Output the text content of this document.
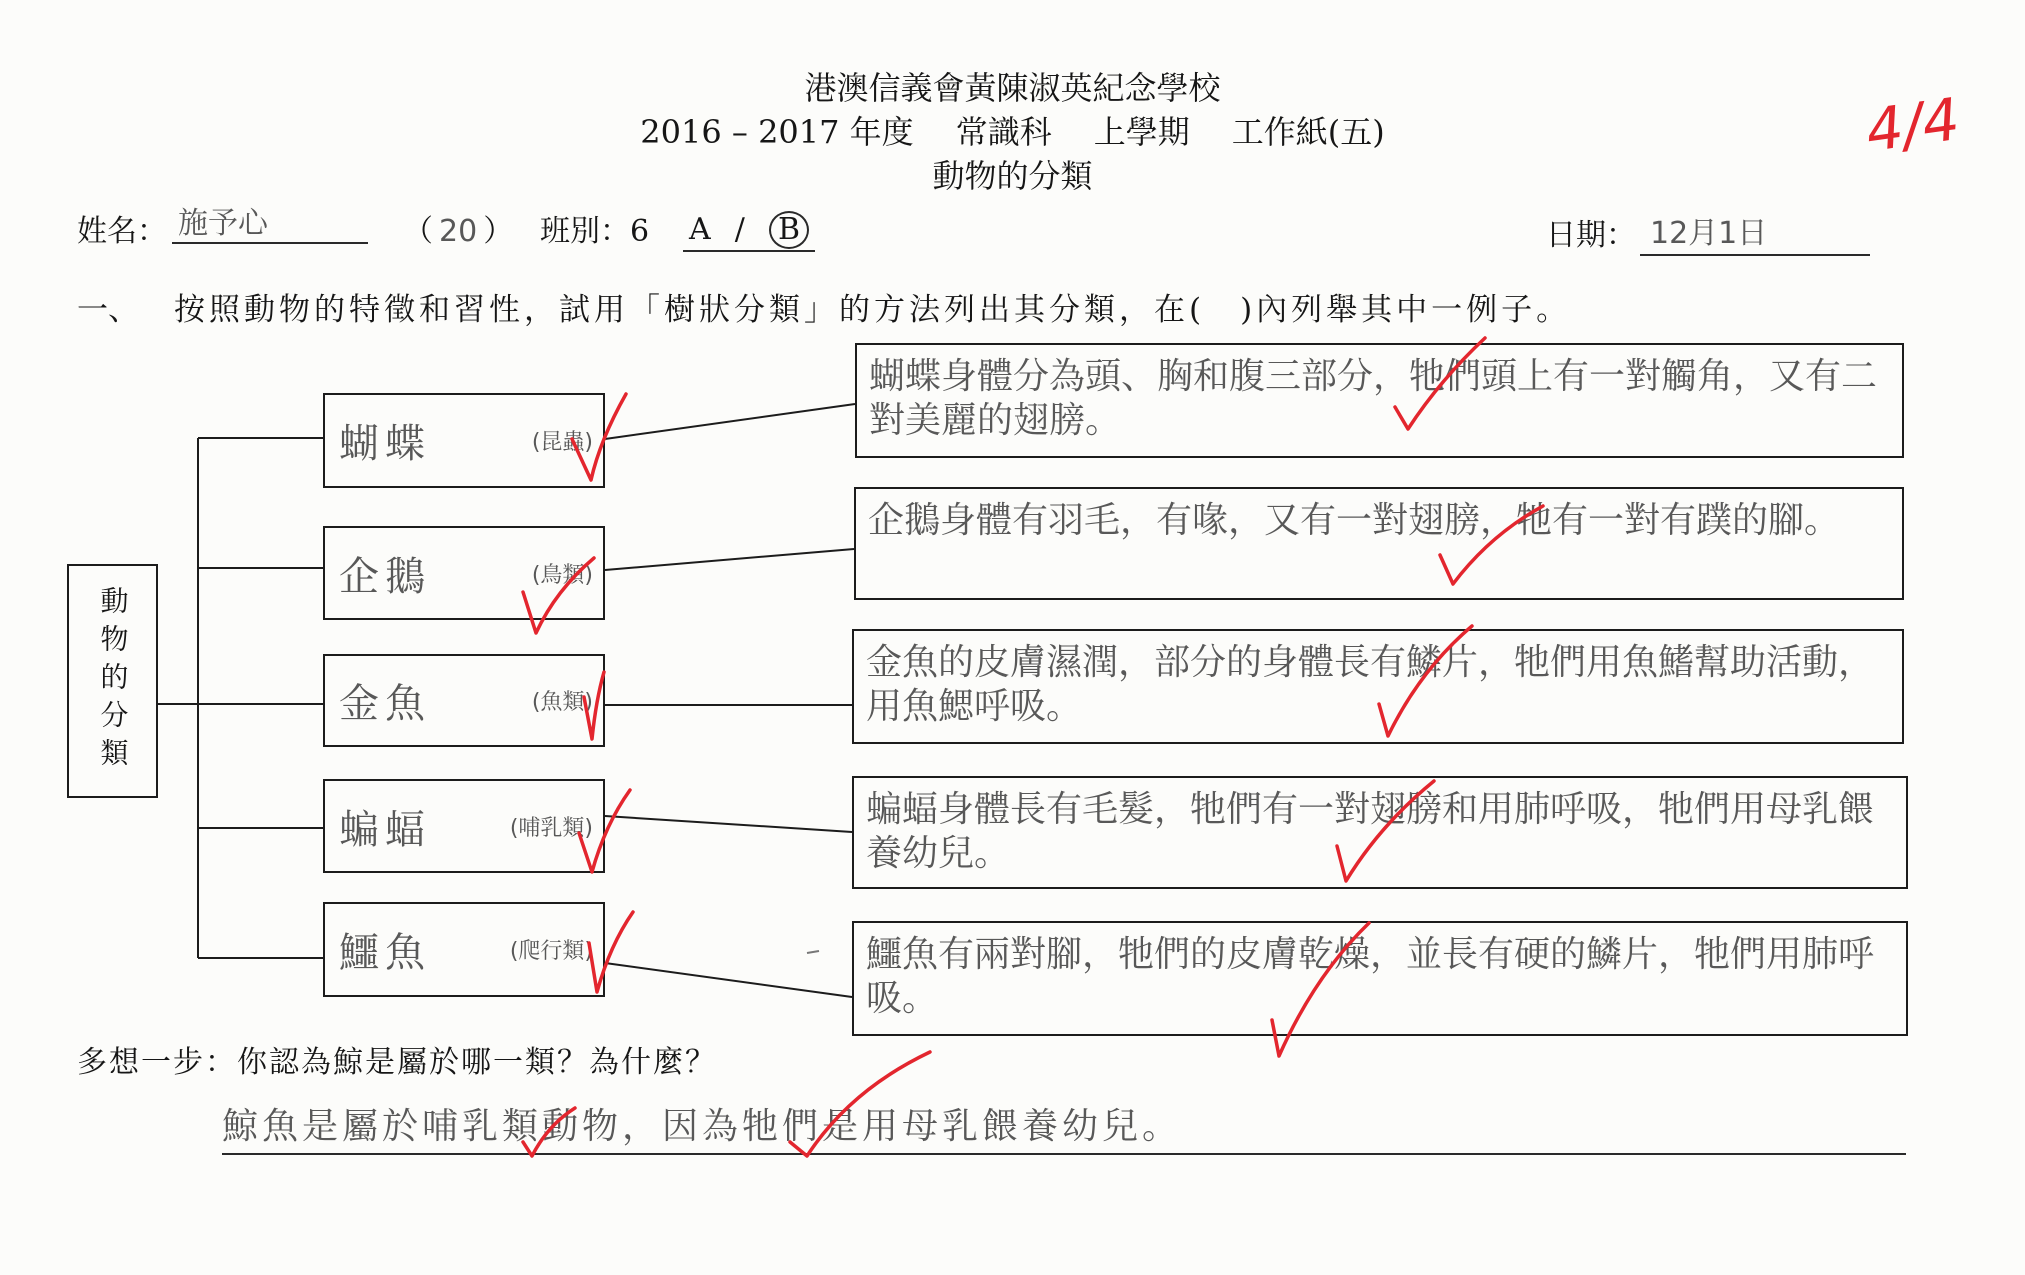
港澳信義會黃陳淑英紀念學校
2016 – 2017 年度 常識科 上學期 工作紙(五)
動物的分類
4/4
姓名： 施予心	（ 20 ） 班別：6 A /	B	日期： 12月1日
一、 按照動物的特徵和習性，試用「樹狀分類」的方法列出其分類，在(　)內列舉其中一例子。
動物的分類
蝴蝶	(昆蟲)
企鵝	(鳥類)
金魚	(魚類)
蝙蝠	(哺乳類)
鱷魚	(爬行類)
蝴蝶身體分為頭、胸和腹三部分，牠們頭上有一對觸角，又有二對美麗的翅膀。
企鵝身體有羽毛，有喙，又有一對翅膀，牠有一對有蹼的腳。
金魚的皮膚濕潤，部分的身體長有鱗片，牠們用魚鰭幫助活動，用魚鰓呼吸。
蝙蝠身體長有毛髮，牠們有一對翅膀和用肺呼吸，牠們用母乳餵養幼兒。
鱷魚有兩對腳，牠們的皮膚乾燥，並長有硬的鱗片，牠們用肺呼吸。
多想一步：你認為鯨是屬於哪一類？為什麼？
鯨魚是屬於哺乳類動物，因為牠們是用母乳餵養幼兒。
